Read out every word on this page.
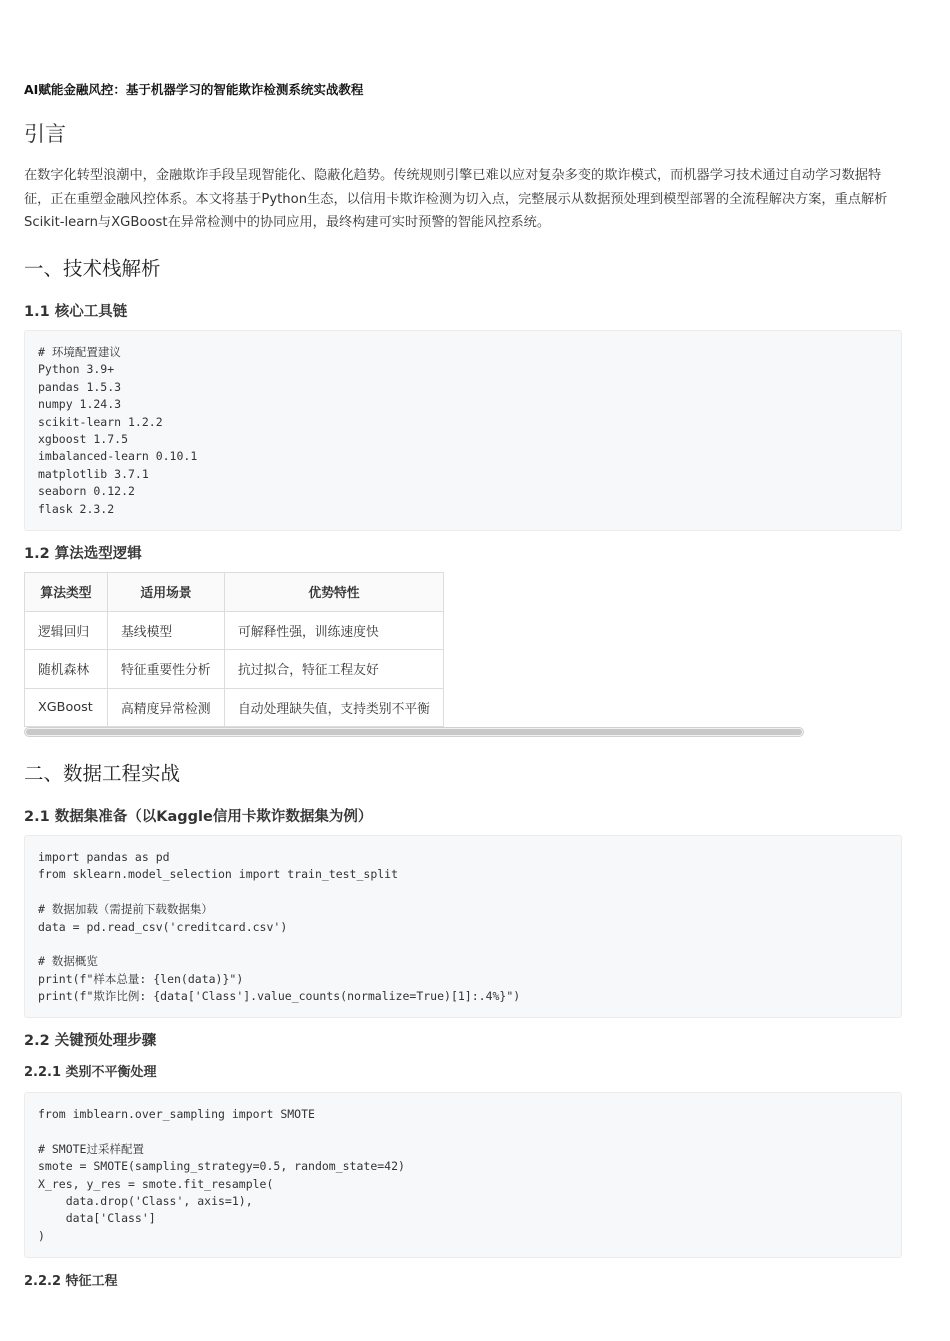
AI赋能金融风控：基于机器学习的智能欺诈检测系统实战教程
引言

在数字化转型浪潮中，金融欺诈手段呈现智能化、隐蔽化趋势。传统规则引擎已难以应对复杂多变的欺诈模式，而机器学习技术通过自动学习数据特征，正在重塑金融风控体系。本文将基于Python生态，以信用卡欺诈检测为切入点，完整展示从数据预处理到模型部署的全流程解决方案，重点解析Scikit-learn与XGBoost在异常检测中的协同应用，最终构建可实时预警的智能风控系统。

一、技术栈解析
1.1 核心工具链
# 环境配置建议
Python 3.9+
pandas 1.5.3
numpy 1.24.3
scikit-learn 1.2.2
xgboost 1.7.5
imbalanced-learn 0.10.1
matplotlib 3.7.1
seaborn 0.12.2
flask 2.3.2
1.2 算法选型逻辑
算法类型	适用场景	优势特性
逻辑回归	基线模型	可解释性强，训练速度快
随机森林	特征重要性分析	抗过拟合，特征工程友好
XGBoost	高精度异常检测	自动处理缺失值，支持类别不平衡
二、数据工程实战
2.1 数据集准备（以Kaggle信用卡欺诈数据集为例）
import pandas as pd
from sklearn.model_selection import train_test_split
# 数据加载（需提前下载数据集）
data = pd.read_csv('creditcard.csv')
# 数据概览
print(f"样本总量: {len(data)}")
print(f"欺诈比例: {data['Class'].value_counts(normalize=True)[1]:.4%}")
2.2 关键预处理步骤
2.2.1 类别不平衡处理
from imblearn.over_sampling import SMOTE
# SMOTE过采样配置
smote = SMOTE(sampling_strategy=0.5, random_state=42)
X_res, y_res = smote.fit_resample(
data.drop('Class', axis=1),
data['Class']
)
2.2.2 特征工程
